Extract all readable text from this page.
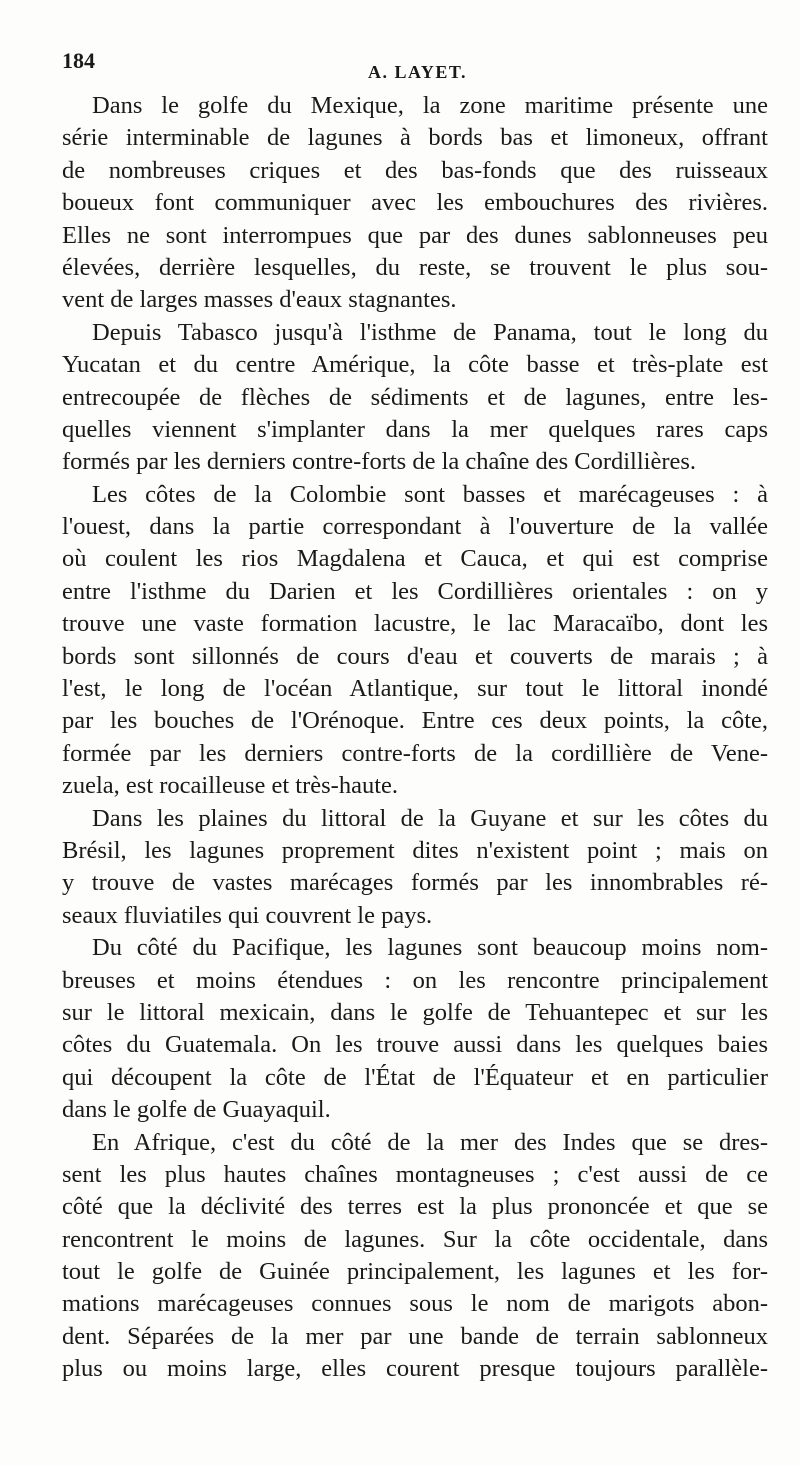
184	A. LAYET.
Dans le golfe du Mexique, la zone maritime présente une
série interminable de lagunes à bords bas et limoneux, offrant
de nombreuses criques et des bas-fonds que des ruisseaux
boueux font communiquer avec les embouchures des rivières.
Elles ne sont interrompues que par des dunes sablonneuses peu
élevées, derrière lesquelles, du reste, se trouvent le plus sou-
vent de larges masses d'eaux stagnantes.
Depuis Tabasco jusqu'à l'isthme de Panama, tout le long du
Yucatan et du centre Amérique, la côte basse et très-plate est
entrecoupée de flèches de sédiments et de lagunes, entre les-
quelles viennent s'implanter dans la mer quelques rares caps
formés par les derniers contre-forts de la chaîne des Cordillières.
Les côtes de la Colombie sont basses et marécageuses : à
l'ouest, dans la partie correspondant à l'ouverture de la vallée
où coulent les rios Magdalena et Cauca, et qui est comprise
entre l'isthme du Darien et les Cordillières orientales : on y
trouve une vaste formation lacustre, le lac Maracaïbo, dont les
bords sont sillonnés de cours d'eau et couverts de marais ; à
l'est, le long de l'océan Atlantique, sur tout le littoral inondé
par les bouches de l'Orénoque. Entre ces deux points, la côte,
formée par les derniers contre-forts de la cordillière de Vene-
zuela, est rocailleuse et très-haute.
Dans les plaines du littoral de la Guyane et sur les côtes du
Brésil, les lagunes proprement dites n'existent point ; mais on
y trouve de vastes marécages formés par les innombrables ré-
seaux fluviatiles qui couvrent le pays.
Du côté du Pacifique, les lagunes sont beaucoup moins nom-
breuses et moins étendues : on les rencontre principalement
sur le littoral mexicain, dans le golfe de Tehuantepec et sur les
côtes du Guatemala. On les trouve aussi dans les quelques baies
qui découpent la côte de l'État de l'Équateur et en particulier
dans le golfe de Guayaquil.
En Afrique, c'est du côté de la mer des Indes que se dres-
sent les plus hautes chaînes montagneuses ; c'est aussi de ce
côté que la déclivité des terres est la plus prononcée et que se
rencontrent le moins de lagunes. Sur la côte occidentale, dans
tout le golfe de Guinée principalement, les lagunes et les for-
mations marécageuses connues sous le nom de marigots abon-
dent. Séparées de la mer par une bande de terrain sablonneux
plus ou moins large, elles courent presque toujours parallèle-
